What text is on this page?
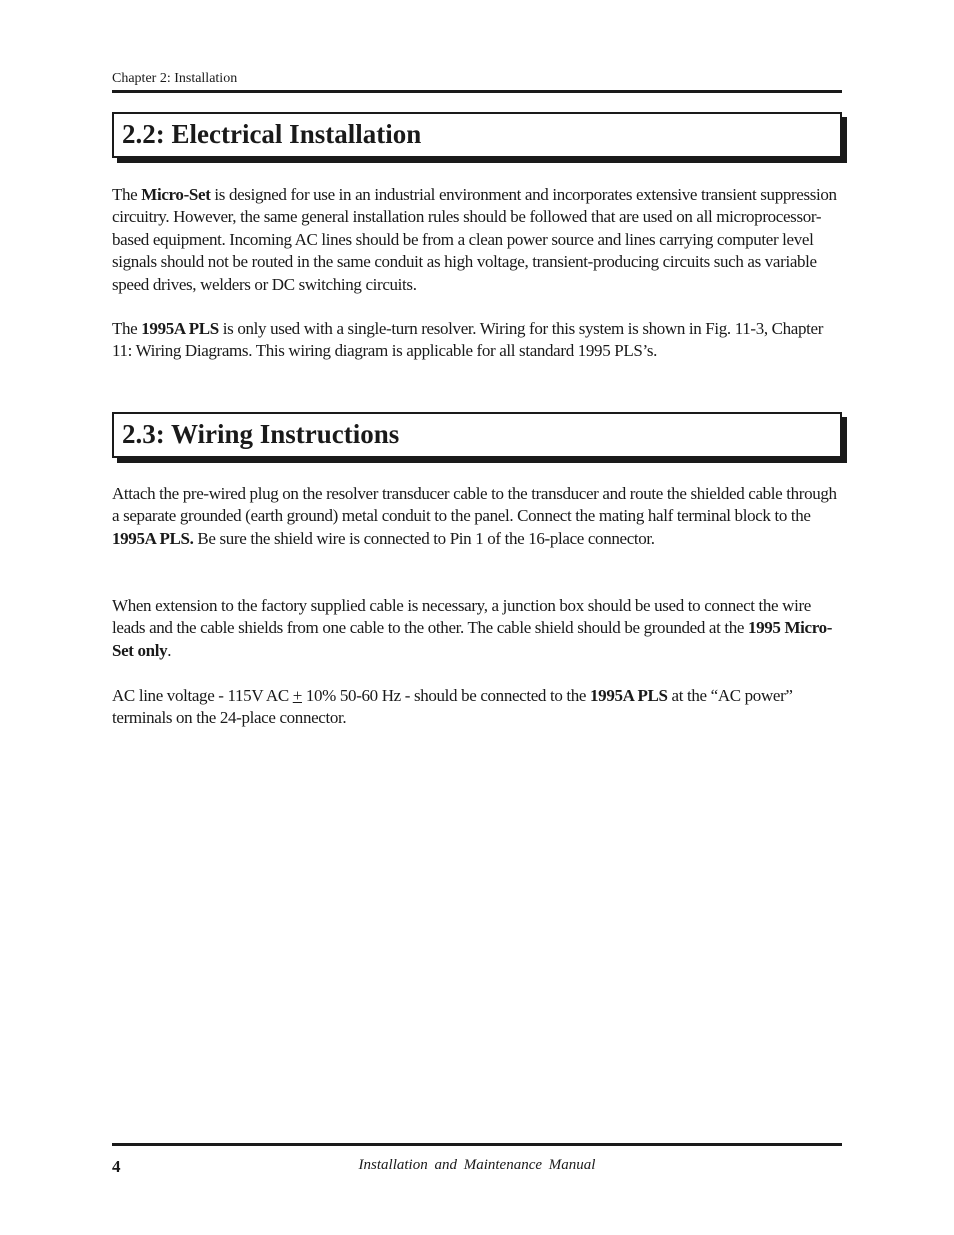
Chapter 2: Installation
2.2: Electrical Installation

The Micro-Set is designed for use in an industrial environment and incorporates extensive transient suppression circuitry. However, the same general installation rules should be followed that are used on all microprocessor-based equipment. Incoming AC lines should be from a clean power source and lines carrying computer level signals should not be routed in the same conduit as high voltage, transient-producing circuits such as variable speed drives, welders or DC switching circuits.

The 1995A PLS is only used with a single-turn resolver. Wiring for this system is shown in Fig. 11-3, Chapter 11: Wiring Diagrams. This wiring diagram is applicable for all standard 1995 PLS’s.

2.3: Wiring Instructions

Attach the pre-wired plug on the resolver transducer cable to the transducer and route the shielded cable through a separate grounded (earth ground) metal conduit to the panel. Connect the mating half terminal block to the 1995A PLS. Be sure the shield wire is connected to Pin 1 of the 16-place connector.

When extension to the factory supplied cable is necessary, a junction box should be used to connect the wire leads and the cable shields from one cable to the other. The cable shield should be grounded at the 1995 Micro-Set only.

AC line voltage - 115V AC + 10% 50-60 Hz - should be connected to the 1995A PLS at the “AC power” terminals on the 24-place connector.

4	Installation and Maintenance Manual
